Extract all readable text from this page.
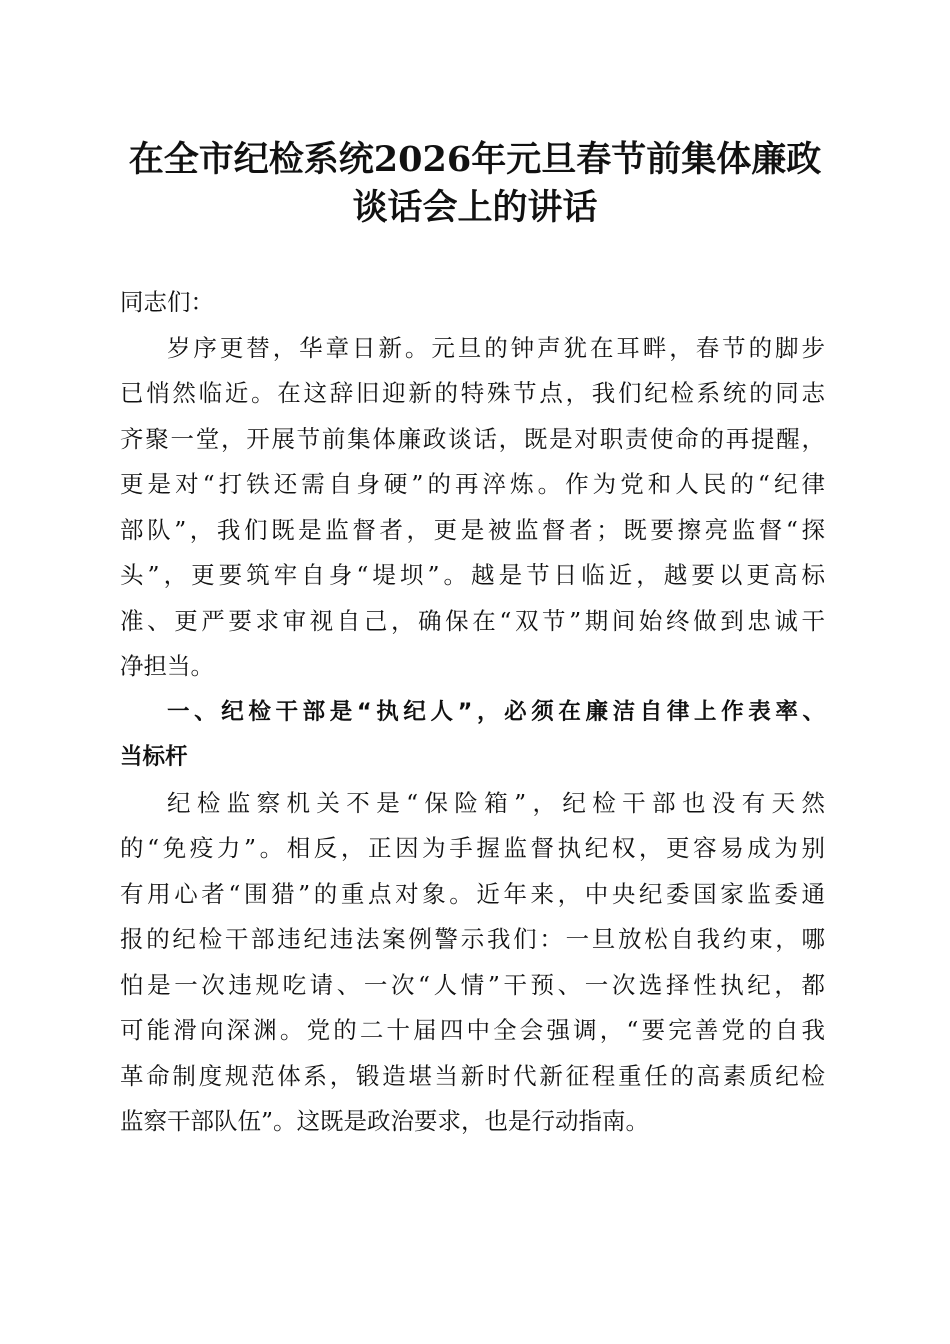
在全市纪检系统2026年元旦春节前集体廉政
谈话会上的讲话
同志们：
岁序更替，华章日新。元旦的钟声犹在耳畔，春节的脚步
已悄然临近。在这辞旧迎新的特殊节点，我们纪检系统的同志
齐聚一堂，开展节前集体廉政谈话，既是对职责使命的再提醒，
更是对“打铁还需自身硬”的再淬炼。作为党和人民的“纪律
部队”，我们既是监督者，更是被监督者；既要擦亮监督“探
头”，更要筑牢自身“堤坝”。越是节日临近，越要以更高标
准、更严要求审视自己，确保在“双节”期间始终做到忠诚干
净担当。
一、纪检干部是“执纪人”，必须在廉洁自律上作表率、
当标杆
纪检监察机关不是“保险箱”，纪检干部也没有天然
的“免疫力”。相反，正因为手握监督执纪权，更容易成为别
有用心者“围猎”的重点对象。近年来，中央纪委国家监委通
报的纪检干部违纪违法案例警示我们：一旦放松自我约束，哪
怕是一次违规吃请、一次“人情”干预、一次选择性执纪，都
可能滑向深渊。党的二十届四中全会强调，“要完善党的自我
革命制度规范体系，锻造堪当新时代新征程重任的高素质纪检
监察干部队伍”。这既是政治要求，也是行动指南。
